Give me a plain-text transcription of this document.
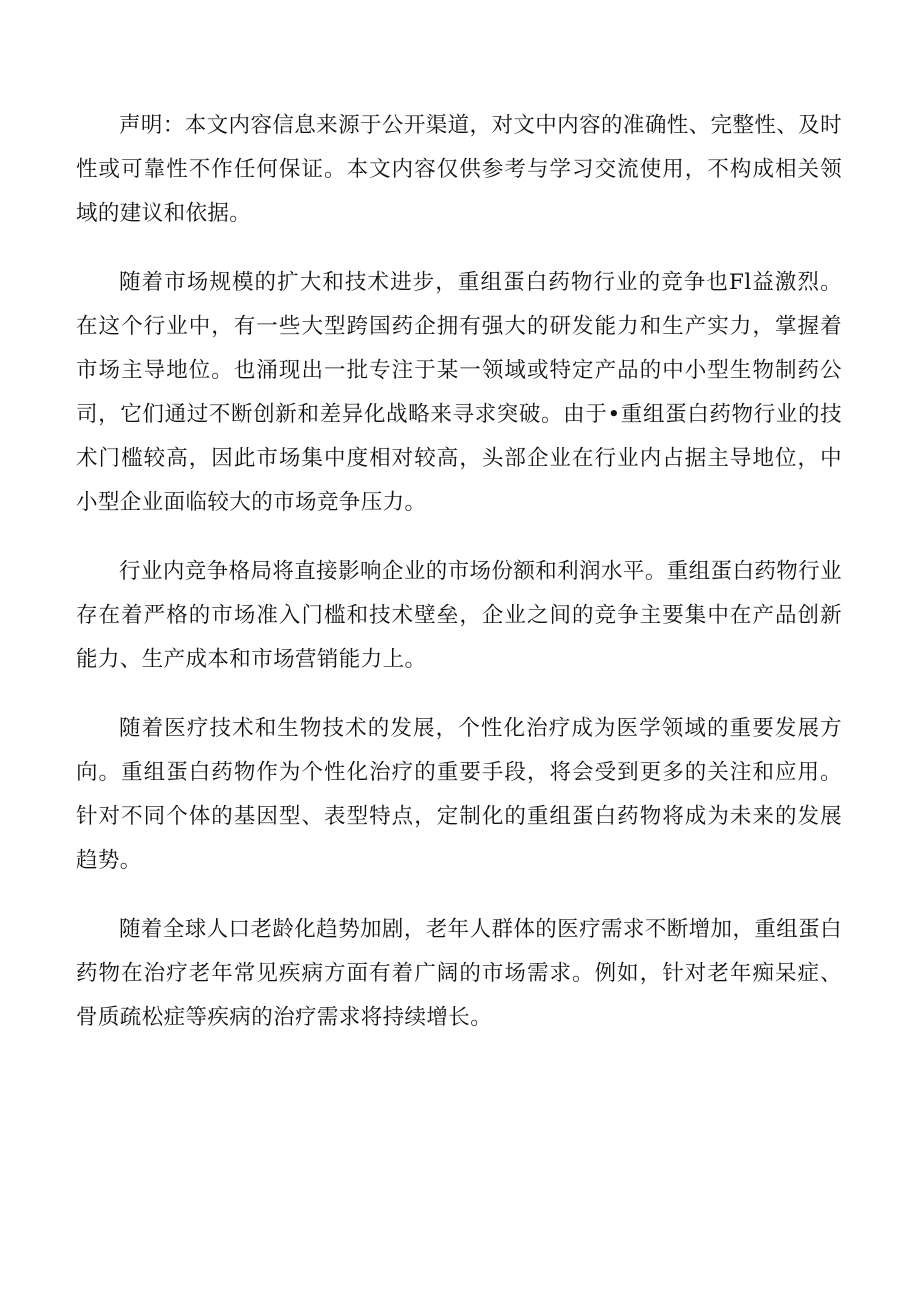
声明：本文内容信息来源于公开渠道，对文中内容的准确性、完整性、及时性或可靠性不作任何保证。本文内容仅供参考与学习交流使用，不构成相关领域的建议和依据。

随着市场规模的扩大和技术进步，重组蛋白药物行业的竞争也Fl益激烈。在这个行业中，有一些大型跨国药企拥有强大的研发能力和生产实力，掌握着市场主导地位。也涌现出一批专注于某一领域或特定产品的中小型生物制药公司，它们通过不断创新和差异化战略来寻求突破。由于•重组蛋白药物行业的技术门槛较高，因此市场集中度相对较高，头部企业在行业内占据主导地位，中小型企业面临较大的市场竞争压力。

行业内竞争格局将直接影响企业的市场份额和利润水平。重组蛋白药物行业存在着严格的市场准入门槛和技术壁垒，企业之间的竞争主要集中在产品创新能力、生产成本和市场营销能力上。

随着医疗技术和生物技术的发展，个性化治疗成为医学领域的重要发展方向。重组蛋白药物作为个性化治疗的重要手段，将会受到更多的关注和应用。针对不同个体的基因型、表型特点，定制化的重组蛋白药物将成为未来的发展趋势。

随着全球人口老龄化趋势加剧，老年人群体的医疗需求不断增加，重组蛋白药物在治疗老年常见疾病方面有着广阔的市场需求。例如，针对老年痴呆症、骨质疏松症等疾病的治疗需求将持续增长。
